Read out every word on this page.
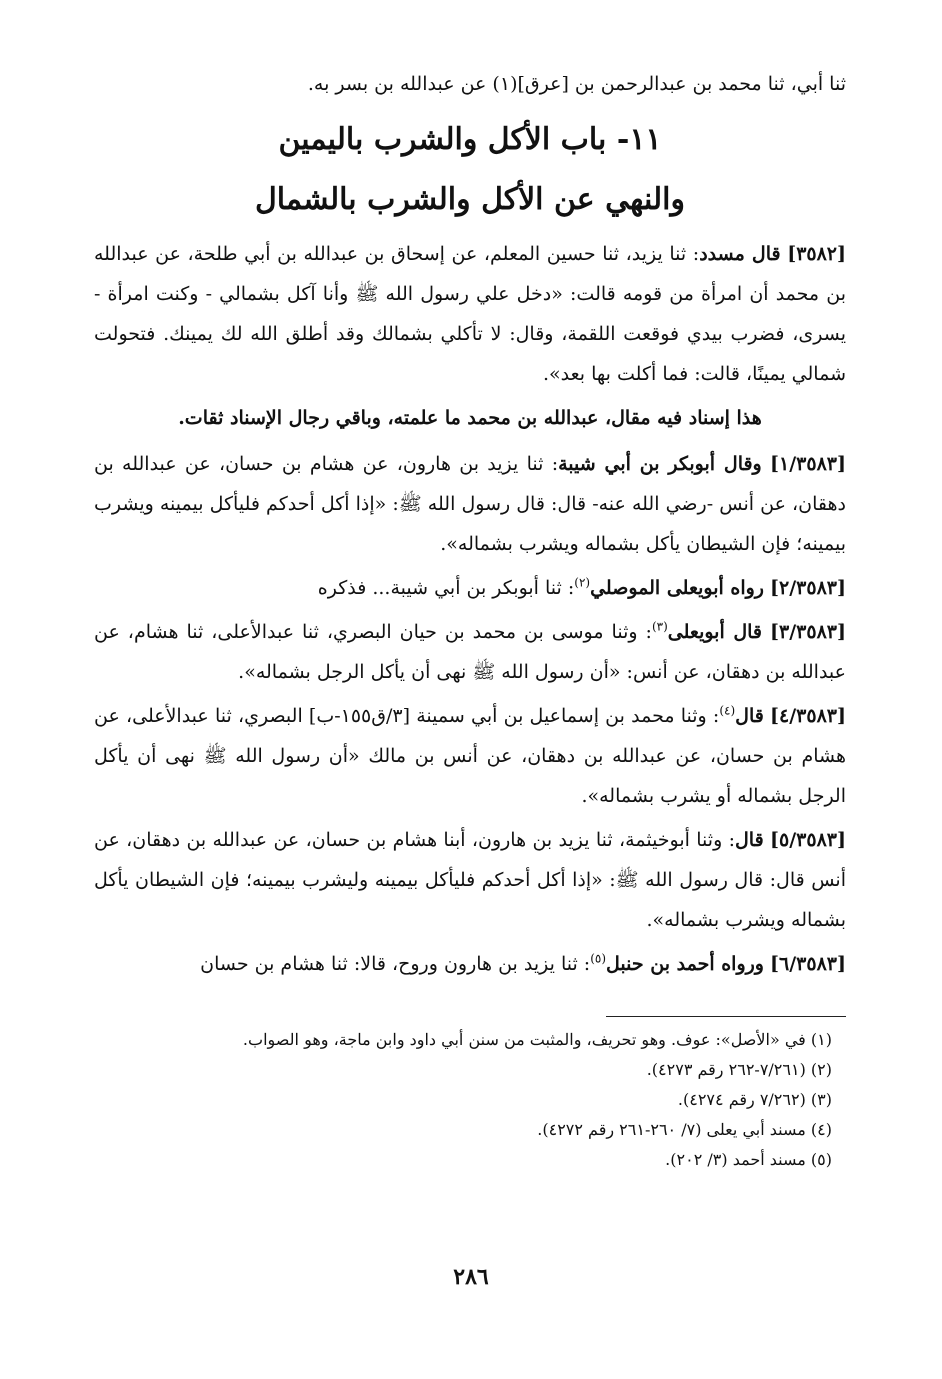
ثنا أبي، ثنا محمد بن عبدالرحمن بن [عرق](١) عن عبدالله بن بسر به.

١١- باب الأكل والشرب باليمين
والنهي عن الأكل والشرب بالشمال

[٣٥٨٢] قال مسدد: ثنا يزيد، ثنا حسين المعلم، عن إسحاق بن عبدالله بن أبي طلحة، عن عبدالله بن محمد أن امرأة من قومه قالت: «دخل علي رسول الله ﷺ وأنا آكل بشمالي - وكنت امرأة - يسرى، فضرب بيدي فوقعت اللقمة، وقال: لا تأكلي بشمالك وقد أطلق الله لك يمينك. فتحولت شمالي يمينًا، قالت: فما أكلت بها بعد».

هذا إسناد فيه مقال، عبدالله بن محمد ما علمته، وباقي رجال الإسناد ثقات.

[١/٣٥٨٣] وقال أبوبكر بن أبي شيبة: ثنا يزيد بن هارون، عن هشام بن حسان، عن عبدالله بن دهقان، عن أنس -رضي الله عنه- قال: قال رسول الله ﷺ: «إذا أكل أحدكم فليأكل بيمينه ويشرب بيمينه؛ فإن الشيطان يأكل بشماله ويشرب بشماله».

[٢/٣٥٨٣] رواه أبويعلى الموصلي$^{(٢)}$: ثنا أبوبكر بن أبي شيبة... فذكره

[٣/٣٥٨٣] قال أبويعلى$^{(٣)}$: وثنا موسى بن محمد بن حيان البصري، ثنا عبدالأعلى، ثنا هشام، عن عبدالله بن دهقان، عن أنس: «أن رسول الله ﷺ نهى أن يأكل الرجل بشماله».

[٤/٣٥٨٣] قال$^{(٤)}$: وثنا محمد بن إسماعيل بن أبي سمينة [٣/ق١٥٥-ب] البصري، ثنا عبدالأعلى، عن هشام بن حسان، عن عبدالله بن دهقان، عن أنس بن مالك «أن رسول الله ﷺ نهى أن يأكل الرجل بشماله أو يشرب بشماله».

[٥/٣٥٨٣] قال: وثنا أبوخيثمة، ثنا يزيد بن هارون، أبنا هشام بن حسان، عن عبدالله بن دهقان، عن أنس قال: قال رسول الله ﷺ: «إذا أكل أحدكم فليأكل بيمينه وليشرب بيمينه؛ فإن الشيطان يأكل بشماله ويشرب بشماله».

[٦/٣٥٨٣] ورواه أحمد بن حنبل$^{(٥)}$: ثنا يزيد بن هارون وروح، قالا: ثنا هشام بن حسان

(١) في «الأصل»: عوف. وهو تحريف، والمثبت من سنن أبي داود وابن ماجة، وهو الصواب.
(٢) (٧/٢٦١-٢٦٢ رقم ٤٢٧٣).
(٣) (٧/٢٦٢ رقم ٤٢٧٤).
(٤) مسند أبي يعلى (٧/ ٢٦٠-٢٦١ رقم ٤٢٧٢).
(٥) مسند أحمد (٣/ ٢٠٢).
٢٨٦
